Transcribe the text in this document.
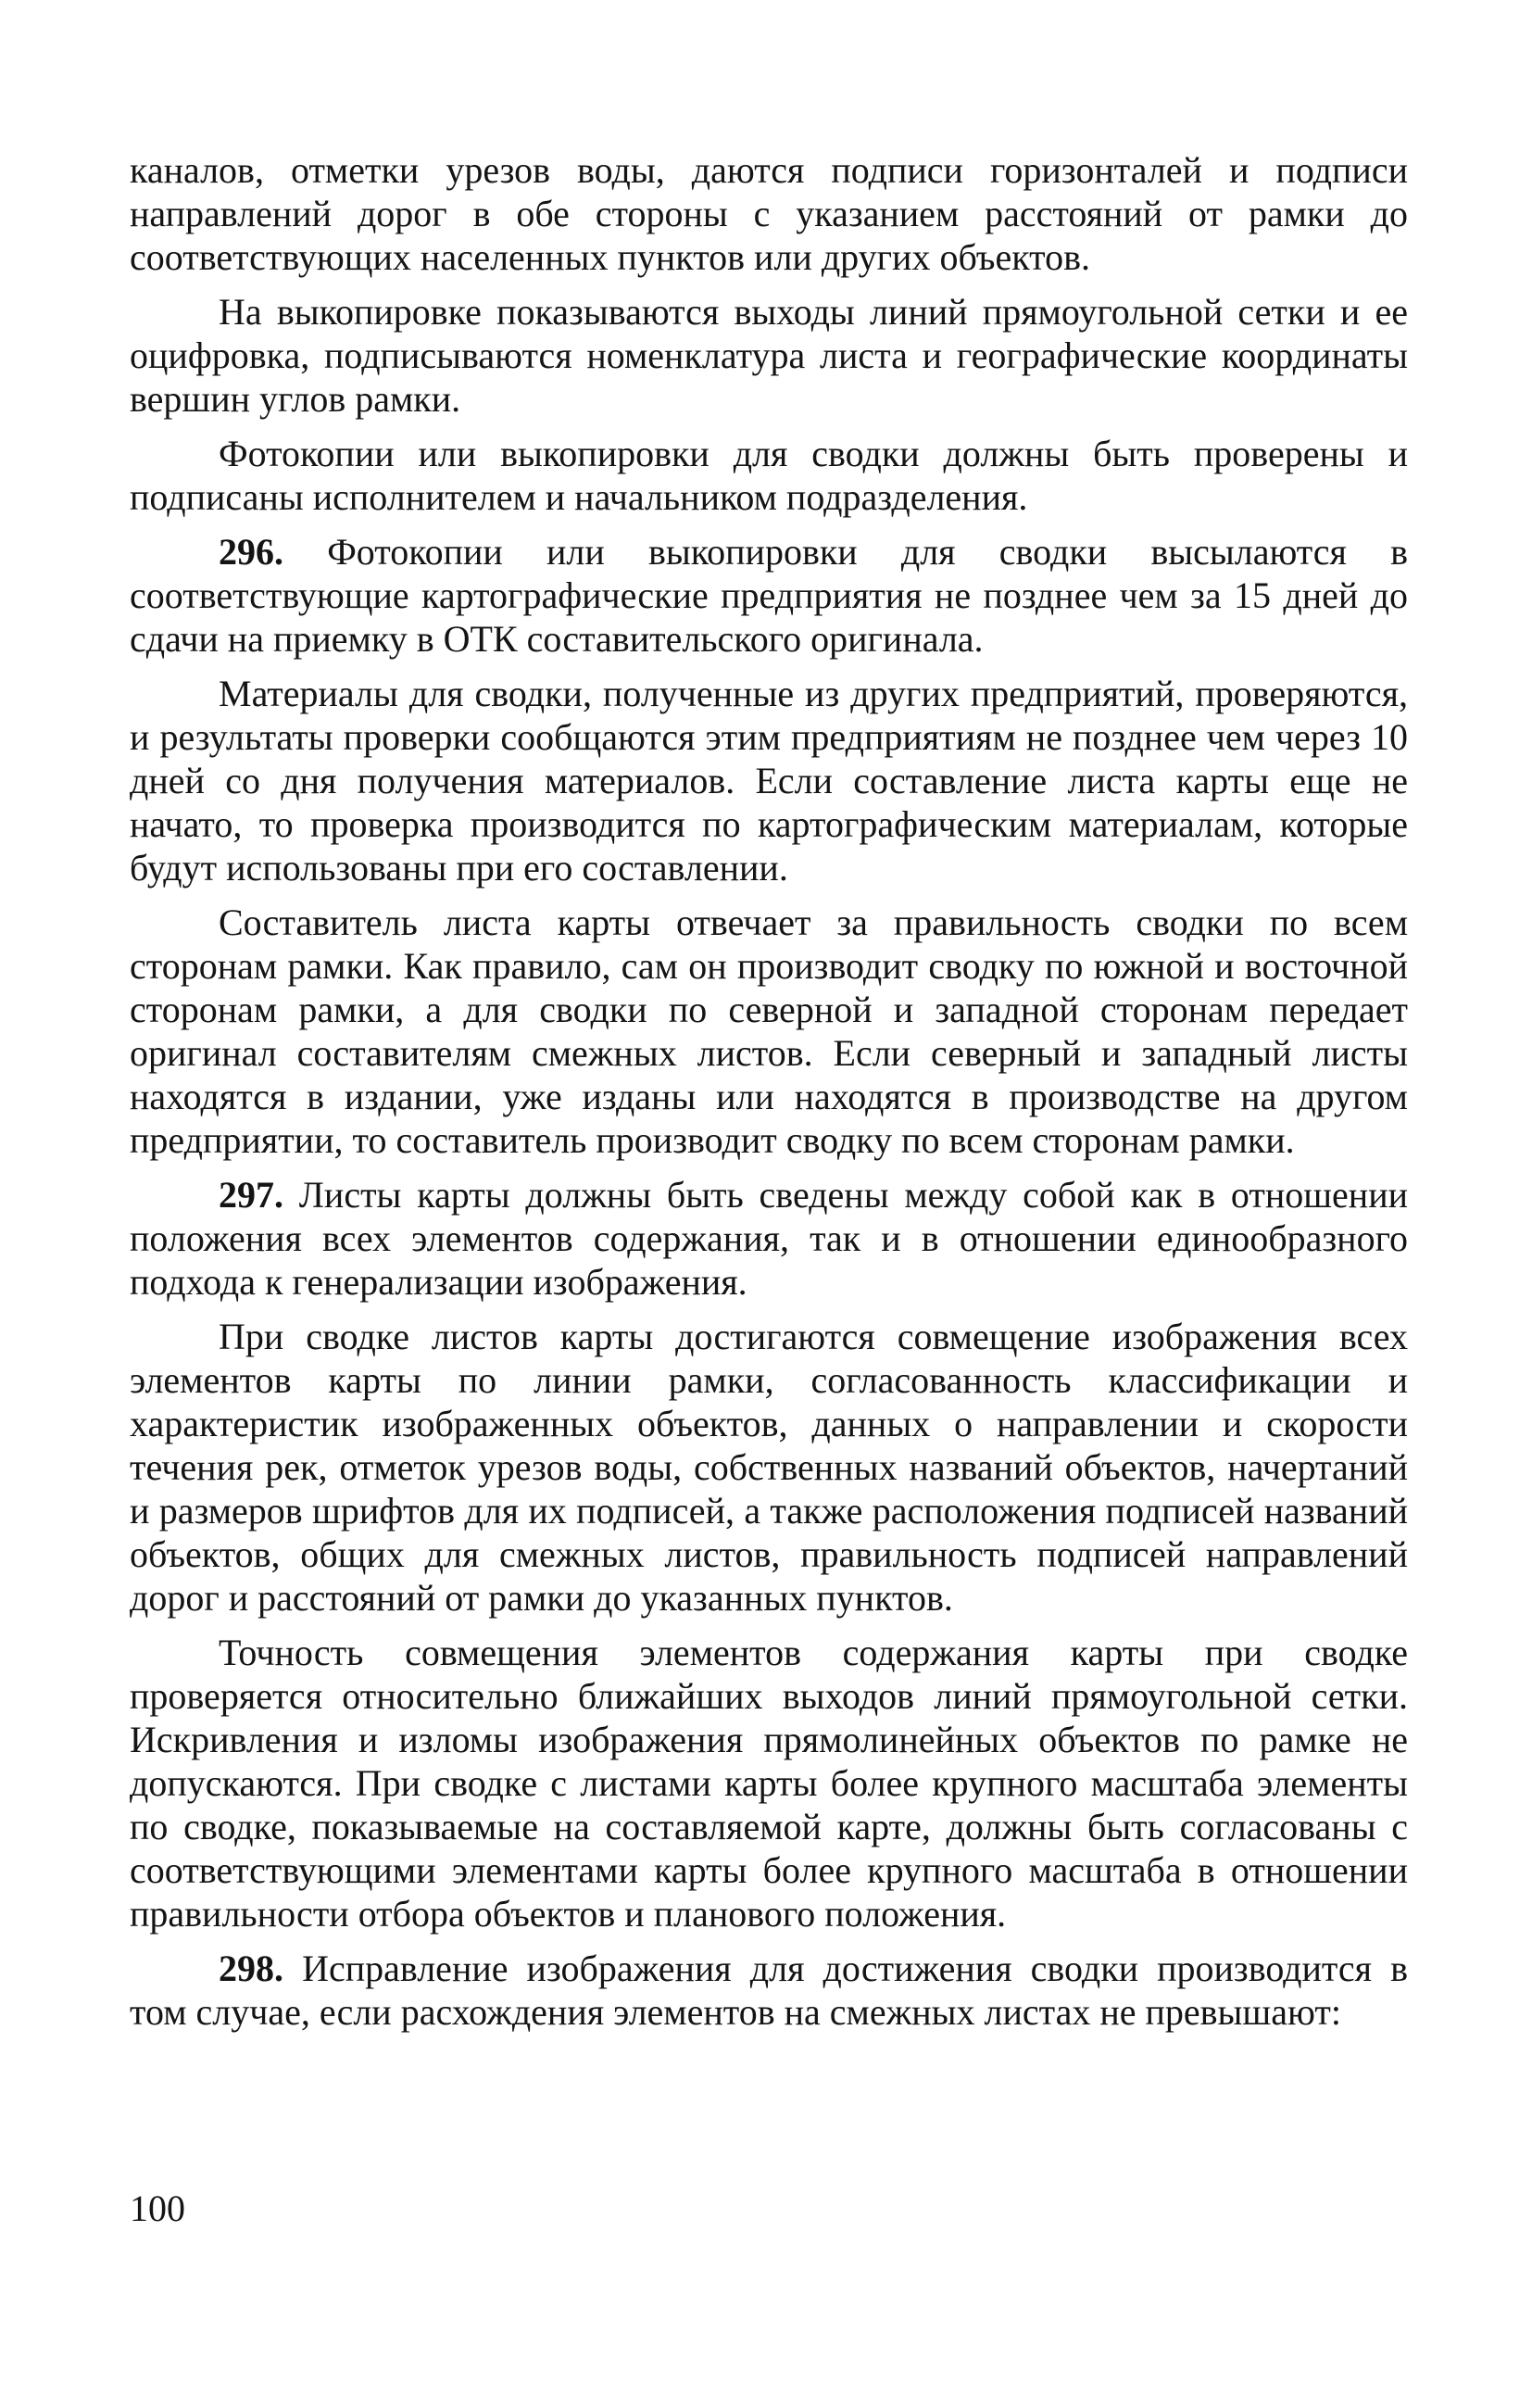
каналов, отметки урезов воды, даются подписи горизонталей и подписи направлений дорог в обе стороны с указанием расстояний от рамки до соответствующих населенных пунктов или других объектов.

На выкопировке показываются выходы линий прямоугольной сетки и ее оцифровка, подписываются номенклатура листа и географические координаты вершин углов рамки.

Фотокопии или выкопировки для сводки должны быть проверены и подписаны исполнителем и начальником подразделения.

296. Фотокопии или выкопировки для сводки высылаются в соответствующие картографические предприятия не позднее чем за 15 дней до сдачи на приемку в ОТК составительского оригинала.

Материалы для сводки, полученные из других предприятий, проверяются, и результаты проверки сообщаются этим предприятиям не позднее чем через 10 дней со дня получения материалов. Если составление листа карты еще не начато, то проверка производится по картографическим материалам, которые будут использованы при его составлении.

Составитель листа карты отвечает за правильность сводки по всем сторонам рамки. Как правило, сам он производит сводку по южной и восточной сторонам рамки, а для сводки по северной и западной сторонам передает оригинал составителям смежных листов. Если северный и западный листы находятся в издании, уже изданы или находятся в производстве на другом предприятии, то составитель производит сводку по всем сторонам рамки.

297. Листы карты должны быть сведены между собой как в отношении положения всех элементов содержания, так и в отношении единообразного подхода к генерализации изображения.

При сводке листов карты достигаются совмещение изображения всех элементов карты по линии рамки, согласованность классификации и характеристик изображенных объектов, данных о направлении и скорости течения рек, отметок урезов воды, собственных названий объектов, начертаний и размеров шрифтов для их подписей, а также расположения подписей названий объектов, общих для смежных листов, правильность подписей направлений дорог и расстояний от рамки до указанных пунктов.

Точность совмещения элементов содержания карты при сводке проверяется относительно ближайших выходов линий прямоугольной сетки. Искривления и изломы изображения прямолинейных объектов по рамке не допускаются. При сводке с листами карты более крупного масштаба элементы по сводке, показываемые на составляемой карте, должны быть согласованы с соответствующими элементами карты более крупного масштаба в отношении правильности отбора объектов и планового положения.

298. Исправление изображения для достижения сводки производится в том случае, если расхождения элементов на смежных листах не превышают:

100
